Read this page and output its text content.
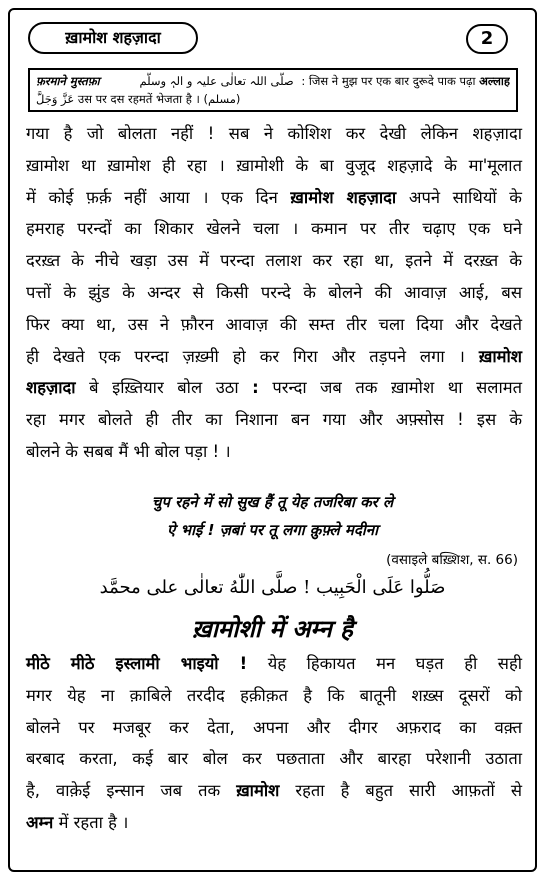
ख़ामोश शहज़ादा	2
फ़रमाने मुस्तफ़ा	صلَّى اللہ تعالٰی علیہ و الہٖ وسلَّم : जिस ने मुझ पर एक बार दुरूदे पाक पढ़ा अल्लाह
عَزَّ وَجَلَّ उस पर दस रहमतें भेजता है । (مسلم)
गया है जो बोलता नहीं ! सब ने कोशिश कर देखी लेकिन शहज़ादा
ख़ामोश था ख़ामोश ही रहा । ख़ामोशी के बा वुजूद शहज़ादे के मा'मूलात
में कोई फ़र्क़ नहीं आया । एक दिन ख़ामोश शहज़ादा अपने साथियों के
हमराह परन्दों का शिकार खेलने चला । कमान पर तीर चढ़ाए एक घने
दरख़्त के नीचे खड़ा उस में परन्दा तलाश कर रहा था, इतने में दरख़्त के
पत्तों के झुंड के अन्दर से किसी परन्दे के बोलने की आवाज़ आई, बस
फिर क्या था, उस ने फ़ौरन आवाज़ की सम्त तीर चला दिया और देखते
ही देखते एक परन्दा ज़ख़्मी हो कर गिरा और तड़पने लगा । ख़ामोश
शहज़ादा बे इख़्तियार बोल उठा : परन्दा जब तक ख़ामोश था सलामत
रहा मगर बोलते ही तीर का निशाना बन गया और अफ़्सोस ! इस के
बोलने के सबब मैं भी बोल पड़ा ! ।
चुप रहने में सो सुख हैं तू येह तजरिबा कर ले
ऐ भाई ! ज़बां पर तू लगा क़ुफ़्ले मदीना
(वसाइले बख़्शिश, स. 66)
صَلُّوا عَلَى الْحَبِيب ! صلَّى اللّٰهُ تعالٰى على محمَّد
ख़ामोशी में अम्न है
मीठे मीठे इस्लामी भाइयो ! येह हिकायत मन घड़त ही सही
मगर येह ना क़ाबिले तरदीद हक़ीक़त है कि बातूनी शख़्स दूसरों को
बोलने पर मजबूर कर देता, अपना और दीगर अफ़राद का वक़्त
बरबाद करता, कई बार बोल कर पछताता और बारहा परेशानी उठाता
है, वाक़ेई इन्सान जब तक ख़ामोश रहता है बहुत सारी आफ़तों से
अम्न में रहता है ।
